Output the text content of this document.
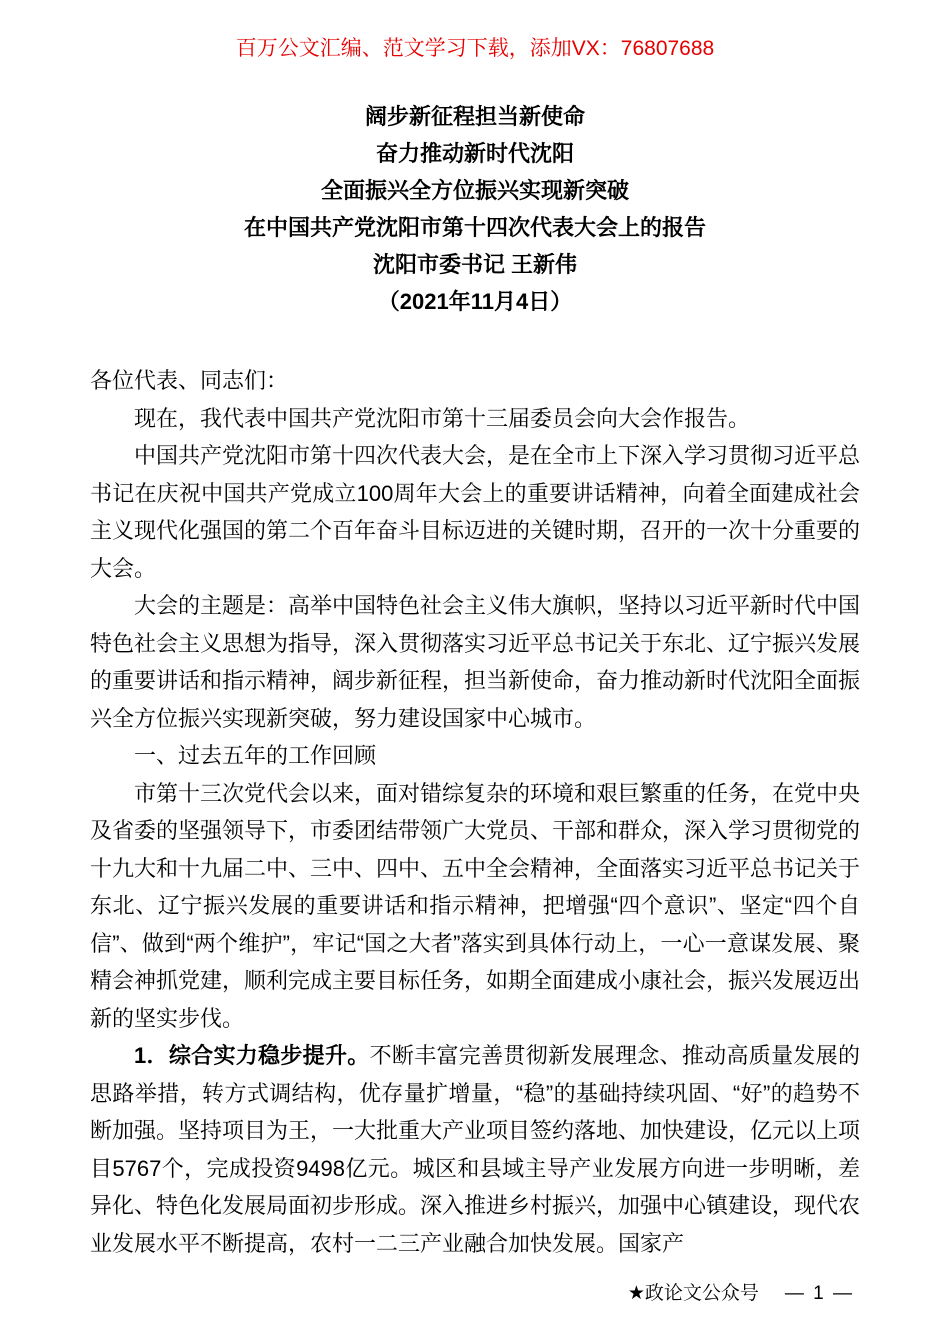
百万公文汇编、范文学习下载，添加VX：76807688
阔步新征程担当新使命
奋力推动新时代沈阳
全面振兴全方位振兴实现新突破
在中国共产党沈阳市第十四次代表大会上的报告
沈阳市委书记 王新伟
（2021年11月4日）

各位代表、同志们：

现在，我代表中国共产党沈阳市第十三届委员会向大会作报告。

中国共产党沈阳市第十四次代表大会，是在全市上下深入学习贯彻习近平总书记在庆祝中国共产党成立100周年大会上的重要讲话精神，向着全面建成社会主义现代化强国的第二个百年奋斗目标迈进的关键时期，召开的一次十分重要的大会。

大会的主题是：高举中国特色社会主义伟大旗帜，坚持以习近平新时代中国特色社会主义思想为指导，深入贯彻落实习近平总书记关于东北、辽宁振兴发展的重要讲话和指示精神，阔步新征程，担当新使命，奋力推动新时代沈阳全面振兴全方位振兴实现新突破，努力建设国家中心城市。

一、过去五年的工作回顾

市第十三次党代会以来，面对错综复杂的环境和艰巨繁重的任务，在党中央及省委的坚强领导下，市委团结带领广大党员、干部和群众，深入学习贯彻党的十九大和十九届二中、三中、四中、五中全会精神，全面落实习近平总书记关于东北、辽宁振兴发展的重要讲话和指示精神，把增强“四个意识”、坚定“四个自信”、做到“两个维护”，牢记“国之大者”落实到具体行动上，一心一意谋发展、聚精会神抓党建，顺利完成主要目标任务，如期全面建成小康社会，振兴发展迈出新的坚实步伐。

1．综合实力稳步提升。不断丰富完善贯彻新发展理念、推动高质量发展的思路举措，转方式调结构，优存量扩增量，“稳”的基础持续巩固、“好”的趋势不断加强。坚持项目为王，一大批重大产业项目签约落地、加快建设，亿元以上项目5767个，完成投资9498亿元。城区和县域主导产业发展方向进一步明晰，差异化、特色化发展局面初步形成。深入推进乡村振兴，加强中心镇建设，现代农业发展水平不断提高，农村一二三产业融合加快发展。国家产

★政论文公众号 — 1 —
